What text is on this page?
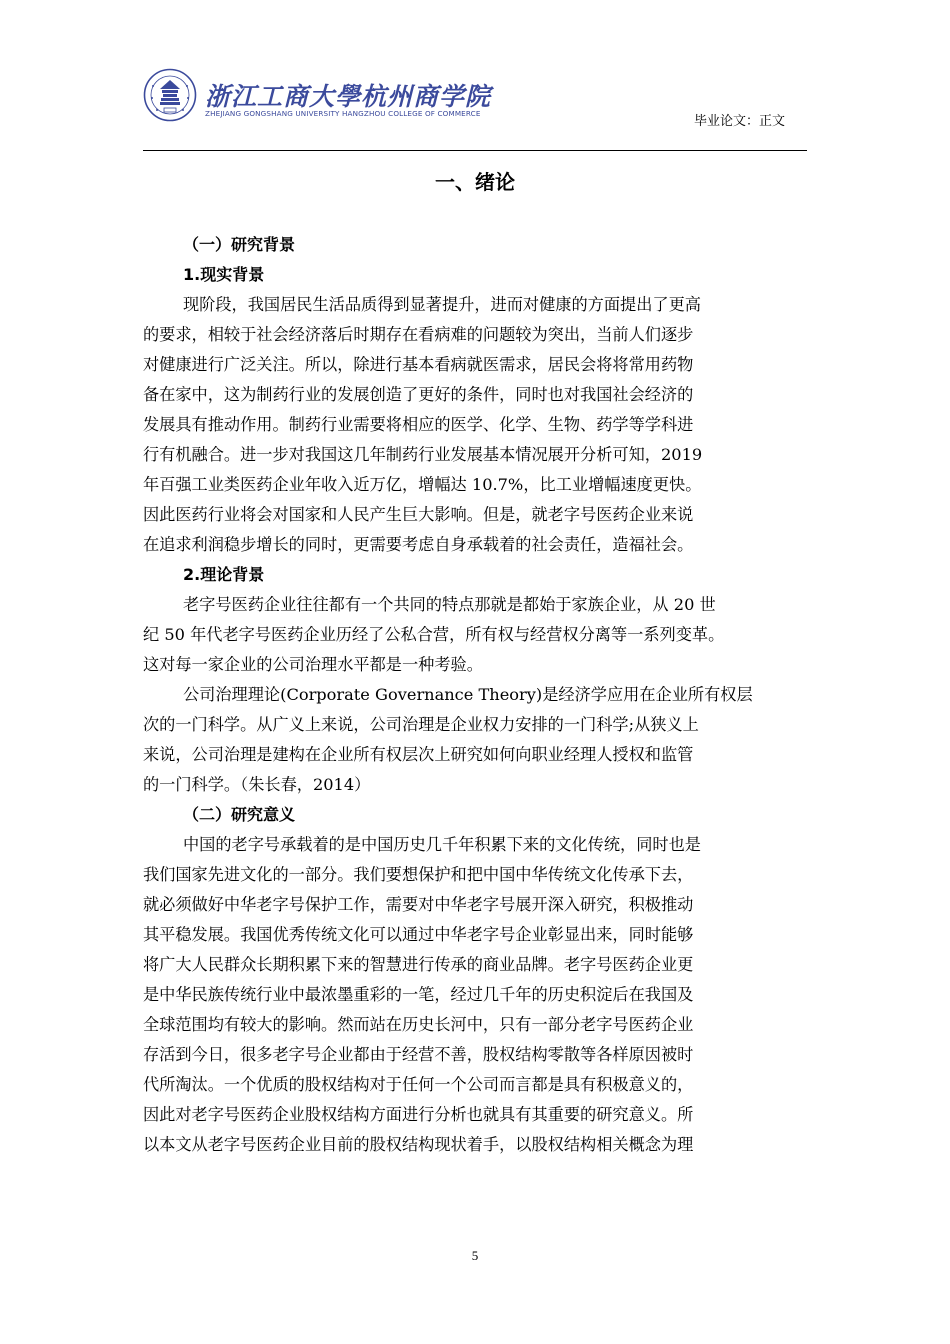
浙江工商大學杭州商学院
ZHEJIANG GONGSHANG UNIVERSITY HANGZHOU COLLEGE OF COMMERCE
毕业论文：正文
一、绪论
（一）研究背景
1.现实背景
现阶段，我国居民生活品质得到显著提升，进而对健康的方面提出了更高
的要求，相较于社会经济落后时期存在看病难的问题较为突出，当前人们逐步
对健康进行广泛关注。所以，除进行基本看病就医需求，居民会将将常用药物
备在家中，这为制药行业的发展创造了更好的条件，同时也对我国社会经济的
发展具有推动作用。制药行业需要将相应的医学、化学、生物、药学等学科进
行有机融合。进一步对我国这几年制药行业发展基本情况展开分析可知，2019
年百强工业类医药企业年收入近万亿，增幅达 10.7%，比工业增幅速度更快。
因此医药行业将会对国家和人民产生巨大影响。但是，就老字号医药企业来说
在追求利润稳步增长的同时，更需要考虑自身承载着的社会责任，造福社会。
2.理论背景
老字号医药企业往往都有一个共同的特点那就是都始于家族企业，从 20 世
纪 50 年代老字号医药企业历经了公私合营，所有权与经营权分离等一系列变革。
这对每一家企业的公司治理水平都是一种考验。
公司治理理论(Corporate Governance Theory)是经济学应用在企业所有权层
次的一门科学。从广义上来说，公司治理是企业权力安排的一门科学;从狭义上
来说，公司治理是建构在企业所有权层次上研究如何向职业经理人授权和监管
的一门科学。（朱长春，2014）
（二）研究意义
中国的老字号承载着的是中国历史几千年积累下来的文化传统，同时也是
我们国家先进文化的一部分。我们要想保护和把中国中华传统文化传承下去，
就必须做好中华老字号保护工作，需要对中华老字号展开深入研究，积极推动
其平稳发展。我国优秀传统文化可以通过中华老字号企业彰显出来，同时能够
将广大人民群众长期积累下来的智慧进行传承的商业品牌。老字号医药企业更
是中华民族传统行业中最浓墨重彩的一笔，经过几千年的历史积淀后在我国及
全球范围均有较大的影响。然而站在历史长河中，只有一部分老字号医药企业
存活到今日，很多老字号企业都由于经营不善，股权结构零散等各样原因被时
代所淘汰。一个优质的股权结构对于任何一个公司而言都是具有积极意义的，
因此对老字号医药企业股权结构方面进行分析也就具有其重要的研究意义。所
以本文从老字号医药企业目前的股权结构现状着手，以股权结构相关概念为理
5
